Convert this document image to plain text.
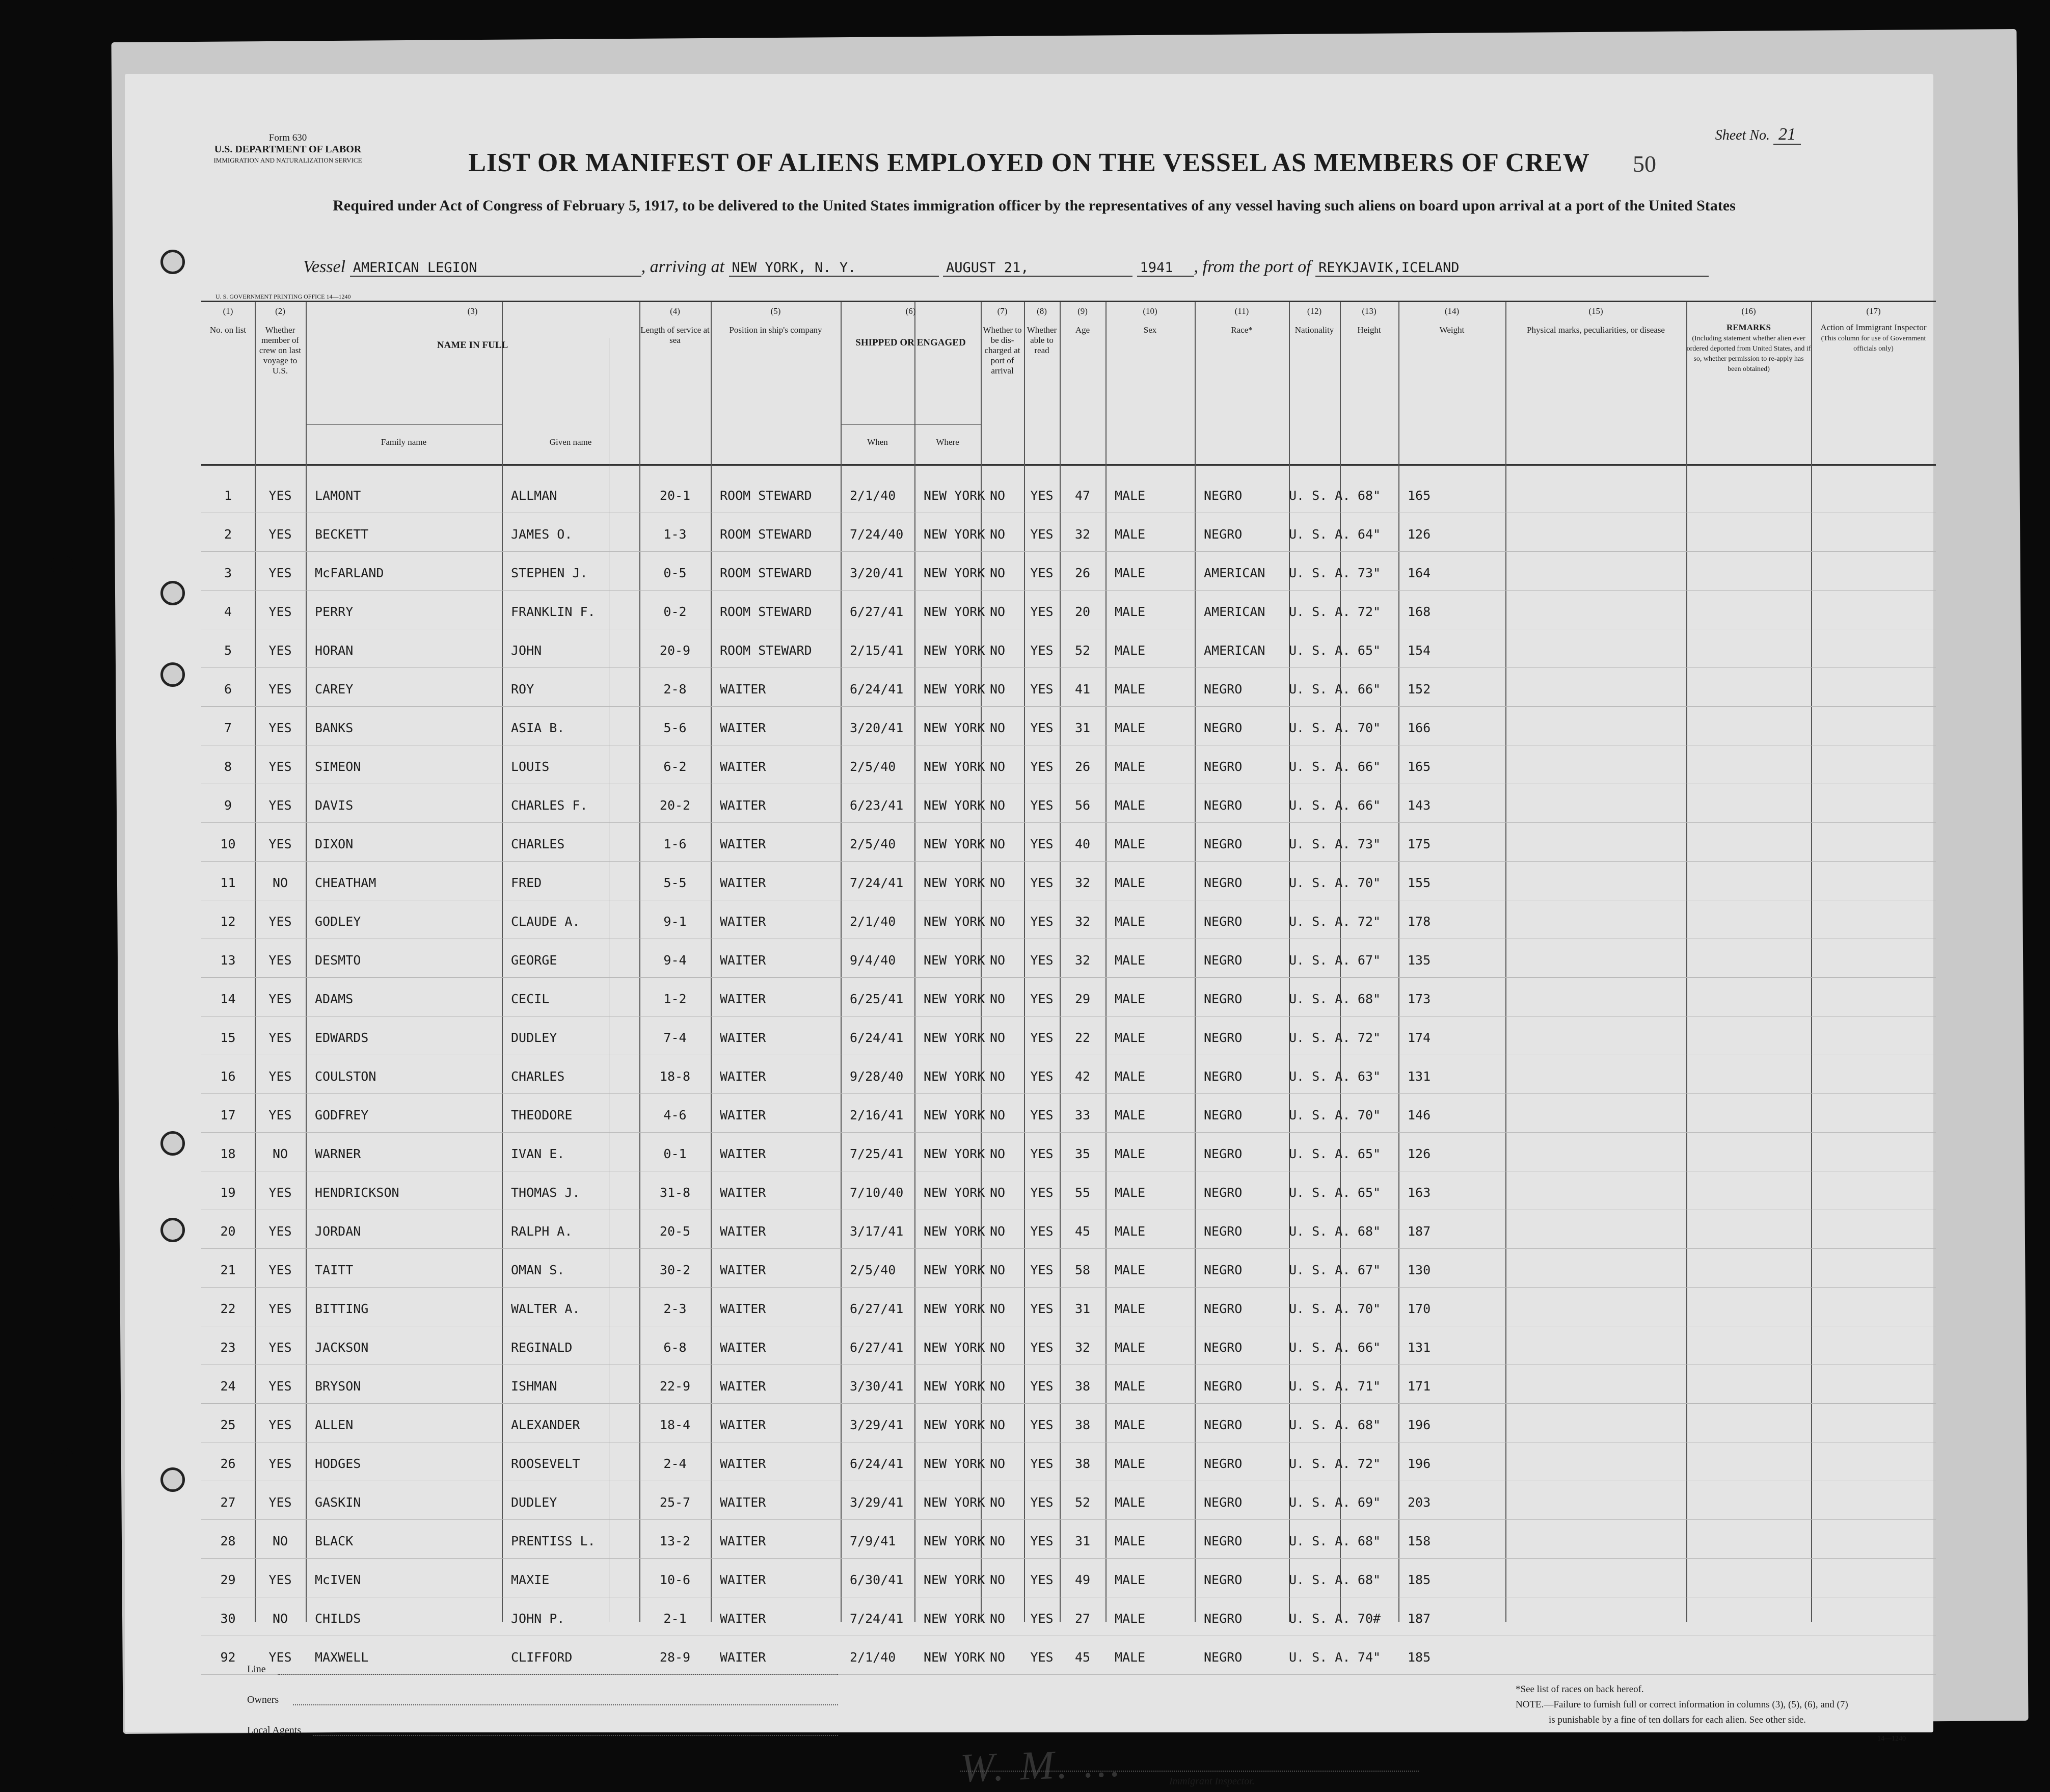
Form 630
U.S. DEPARTMENT OF LABOR
IMMIGRATION AND NATURALIZATION SERVICE
Sheet No. 21
LIST OR MANIFEST OF ALIENS EMPLOYED ON THE VESSEL AS MEMBERS OF CREW	50
Required under Act of Congress of February 5, 1917, to be delivered to the United States immigration officer by the representatives of any vessel having such aliens on board upon arrival at a port of the United States
Vessel AMERICAN LEGION	, arriving at NEW YORK, N. Y.	AUGUST 21,	1941 , from the port of REYKJAVIK,ICELAND
U. S. GOVERNMENT PRINTING OFFICE 14—1240
(1)
No. on list
(2)
Whether member of crew on last voyage to U.S.
(3)
NAME IN FULL
Family name	Given name
(4)
Length of service at sea
(5)
Position in ship's company
(6)
SHIPPED OR ENGAGED
When	Where
(7)
Whether to be dis-charged at port of arrival
(8)
Whether able to read
(9)
Age
(10)
Sex
(11)
Race*
(12)
Nationality
(13)
Height
(14)
Weight
(15)
Physical marks, peculiarities, or disease
(16)
REMARKS
(Including statement whether alien ever ordered deported from United States, and if so, whether permission to re-apply has been obtained)
(17)
Action of Immigrant Inspector
(This column for use of Government officials only)
1	YES	LAMONT	ALLMAN	20-1	ROOM STEWARD	2/1/40 NEW YORK NO	YES	47	MALE	NEGRO	U. S. A. 68"	165
2	YES	BECKETT	JAMES O.	1-3	ROOM STEWARD	7/24/40 NEW YORK NO	YES	32	MALE	NEGRO	U. S. A. 64"	126
3	YES	McFARLAND	STEPHEN J.	0-5	ROOM STEWARD	3/20/41 NEW YORK NO	YES	26	MALE	AMERICAN U. S. A. 73"	164
4	YES	PERRY	FRANKLIN F.	0-2	ROOM STEWARD	6/27/41 NEW YORK NO	YES	20	MALE	AMERICAN U. S. A. 72"	168
5	YES	HORAN	JOHN	20-9	ROOM STEWARD	2/15/41 NEW YORK NO	YES	52	MALE	AMERICAN U. S. A. 65"	154
6	YES	CAREY	ROY	2-8	WAITER	6/24/41 NEW YORK NO	YES	41	MALE	NEGRO	U. S. A. 66"	152
7	YES	BANKS	ASIA B.	5-6	WAITER	3/20/41 NEW YORK NO	YES	31	MALE	NEGRO	U. S. A. 70"	166
8	YES	SIMEON	LOUIS	6-2	WAITER	2/5/40 NEW YORK NO	YES	26	MALE	NEGRO	U. S. A. 66"	165
9	YES	DAVIS	CHARLES F.	20-2	WAITER	6/23/41 NEW YORK NO	YES	56	MALE	NEGRO	U. S. A. 66"	143
10	YES	DIXON	CHARLES	1-6	WAITER	2/5/40 NEW YORK NO	YES	40	MALE	NEGRO	U. S. A. 73"	175
11	NO	CHEATHAM	FRED	5-5	WAITER	7/24/41 NEW YORK NO	YES	32	MALE	NEGRO	U. S. A. 70"	155
12	YES	GODLEY	CLAUDE A.	9-1	WAITER	2/1/40 NEW YORK NO	YES	32	MALE	NEGRO	U. S. A. 72"	178
13	YES	DESMTO	GEORGE	9-4	WAITER	9/4/40 NEW YORK NO	YES	32	MALE	NEGRO	U. S. A. 67"	135
14	YES	ADAMS	CECIL	1-2	WAITER	6/25/41 NEW YORK NO	YES	29	MALE	NEGRO	U. S. A. 68"	173
15	YES	EDWARDS	DUDLEY	7-4	WAITER	6/24/41 NEW YORK NO	YES	22	MALE	NEGRO	U. S. A. 72"	174
16	YES	COULSTON	CHARLES	18-8	WAITER	9/28/40 NEW YORK NO	YES	42	MALE	NEGRO	U. S. A. 63"	131
17	YES	GODFREY	THEODORE	4-6	WAITER	2/16/41 NEW YORK NO	YES	33	MALE	NEGRO	U. S. A. 70"	146
18	NO	WARNER	IVAN E.	0-1	WAITER	7/25/41 NEW YORK NO	YES	35	MALE	NEGRO	U. S. A. 65"	126
19	YES	HENDRICKSON	THOMAS J.	31-8	WAITER	7/10/40 NEW YORK NO	YES	55	MALE	NEGRO	U. S. A. 65"	163
20	YES	JORDAN	RALPH A.	20-5	WAITER	3/17/41 NEW YORK NO	YES	45	MALE	NEGRO	U. S. A. 68"	187
21	YES	TAITT	OMAN S.	30-2	WAITER	2/5/40 NEW YORK NO	YES	58	MALE	NEGRO	U. S. A. 67"	130
22	YES	BITTING	WALTER A.	2-3	WAITER	6/27/41 NEW YORK NO	YES	31	MALE	NEGRO	U. S. A. 70"	170
23	YES	JACKSON	REGINALD	6-8	WAITER	6/27/41 NEW YORK NO	YES	32	MALE	NEGRO	U. S. A. 66"	131
24	YES	BRYSON	ISHMAN	22-9	WAITER	3/30/41 NEW YORK NO	YES	38	MALE	NEGRO	U. S. A. 71"	171
25	YES	ALLEN	ALEXANDER	18-4	WAITER	3/29/41 NEW YORK NO	YES	38	MALE	NEGRO	U. S. A. 68"	196
26	YES	HODGES	ROOSEVELT	2-4	WAITER	6/24/41 NEW YORK NO	YES	38	MALE	NEGRO	U. S. A. 72"	196
27	YES	GASKIN	DUDLEY	25-7	WAITER	3/29/41 NEW YORK NO	YES	52	MALE	NEGRO	U. S. A. 69"	203
28	NO	BLACK	PRENTISS L.	13-2	WAITER	7/9/41 NEW YORK NO	YES	31	MALE	NEGRO	U. S. A. 68"	158
29	YES	McIVEN	MAXIE	10-6	WAITER	6/30/41 NEW YORK NO	YES	49	MALE	NEGRO	U. S. A. 68"	185
30	NO	CHILDS	JOHN P.	2-1	WAITER	7/24/41 NEW YORK NO	YES	27	MALE	NEGRO	U. S. A. 70#	187
92	YES	MAXWELL	CLIFFORD	28-9	WAITER	2/1/40 NEW YORK NO	YES	45	MALE	NEGRO	U. S. A. 74"	185
Line
Owners
Local Agents
W. M. ...	Immigrant Inspector.
*See list of races on back hereof.
NOTE.—Failure to furnish full or correct information in columns (3), (5), (6), and (7)
is punishable by a fine of ten dollars for each alien. See other side.
14—1240
